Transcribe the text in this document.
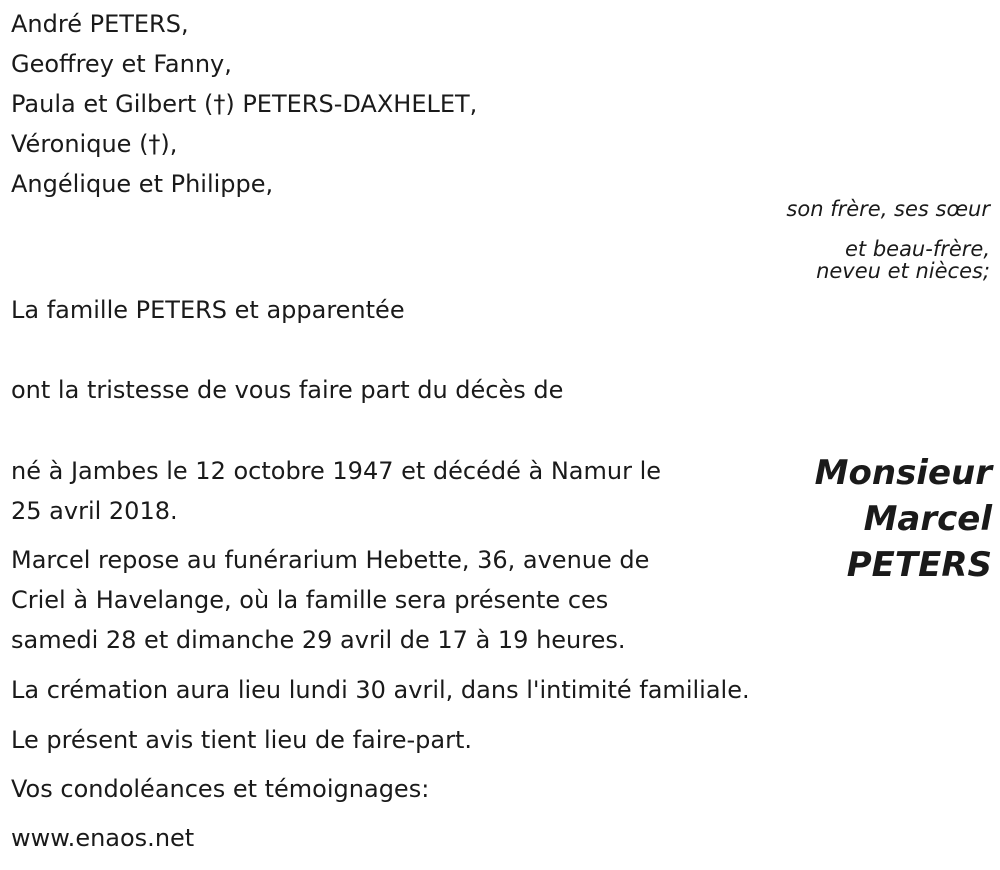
André PETERS,
Geoffrey et Fanny,
Paula et Gilbert (†) PETERS-DAXHELET,
Véronique (†),
Angélique et Philippe,
son frère, ses sœur
et beau-frère,
neveu et nièces;
La famille PETERS et apparentée
ont la tristesse de vous faire part du décès de
Monsieur
Marcel
PETERS
né à Jambes le 12 octobre 1947 et décédé à Namur le
25 avril 2018.
Marcel repose au funérarium Hebette, 36, avenue de
Criel à Havelange, où la famille sera présente ces
samedi 28 et dimanche 29 avril de 17 à 19 heures.
La crémation aura lieu lundi 30 avril, dans l'intimité familiale.
Le présent avis tient lieu de faire-part.
Vos condoléances et témoignages:
www.enaos.net
